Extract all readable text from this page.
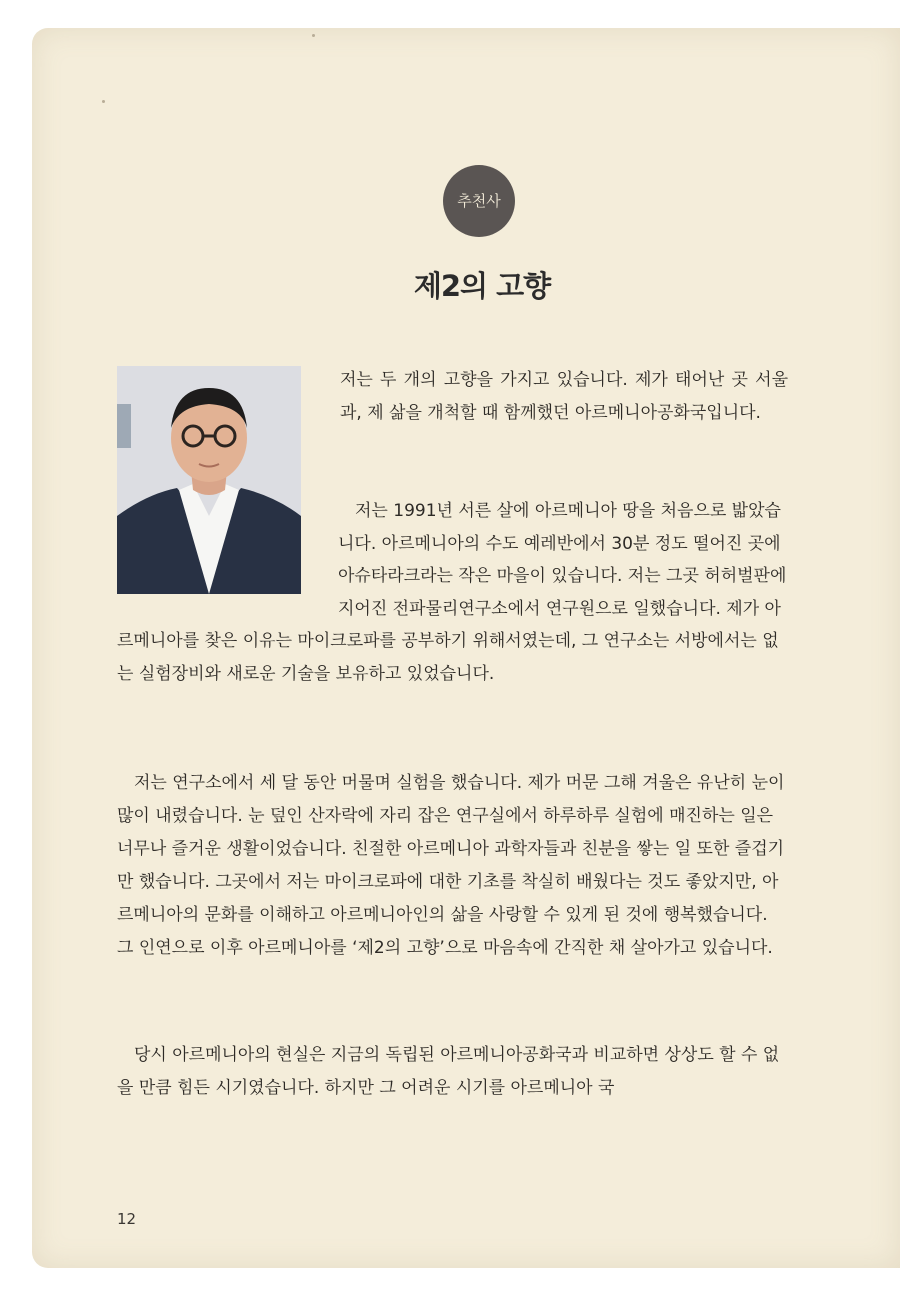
추천사
제2의 고향

저는 두 개의 고향을 가지고 있습니다. 제가 태어난 곳 서울과, 제 삶을 개척할 때 함께했던 아르메니아공화국입니다.

저는 1991년 서른 살에 아르메니아 땅을 처음으로 밟았습니다. 아르메니아의 수도 예레반에서 30분 정도 떨어진 곳에 아슈타라크라는 작은 마을이 있습니다. 저는 그곳 허허벌판에 지어진 전파물리연구소에서 연구원으로 일했습니다. 제가 아르메니아를 찾은 이유는 마이크로파를 공부하기 위해서였는데, 그 연구소는 서방에서는 없는 실험장비와 새로운 기술을 보유하고 있었습니다.

저는 연구소에서 세 달 동안 머물며 실험을 했습니다. 제가 머문 그해 겨울은 유난히 눈이 많이 내렸습니다. 눈 덮인 산자락에 자리 잡은 연구실에서 하루하루 실험에 매진하는 일은 너무나 즐거운 생활이었습니다. 친절한 아르메니아 과학자들과 친분을 쌓는 일 또한 즐겁기만 했습니다. 그곳에서 저는 마이크로파에 대한 기초를 착실히 배웠다는 것도 좋았지만, 아르메니아의 문화를 이해하고 아르메니아인의 삶을 사랑할 수 있게 된 것에 행복했습니다. 그 인연으로 이후 아르메니아를 ‘제2의 고향’으로 마음속에 간직한 채 살아가고 있습니다.

당시 아르메니아의 현실은 지금의 독립된 아르메니아공화국과 비교하면 상상도 할 수 없을 만큼 힘든 시기였습니다. 하지만 그 어려운 시기를 아르메니아 국

12
